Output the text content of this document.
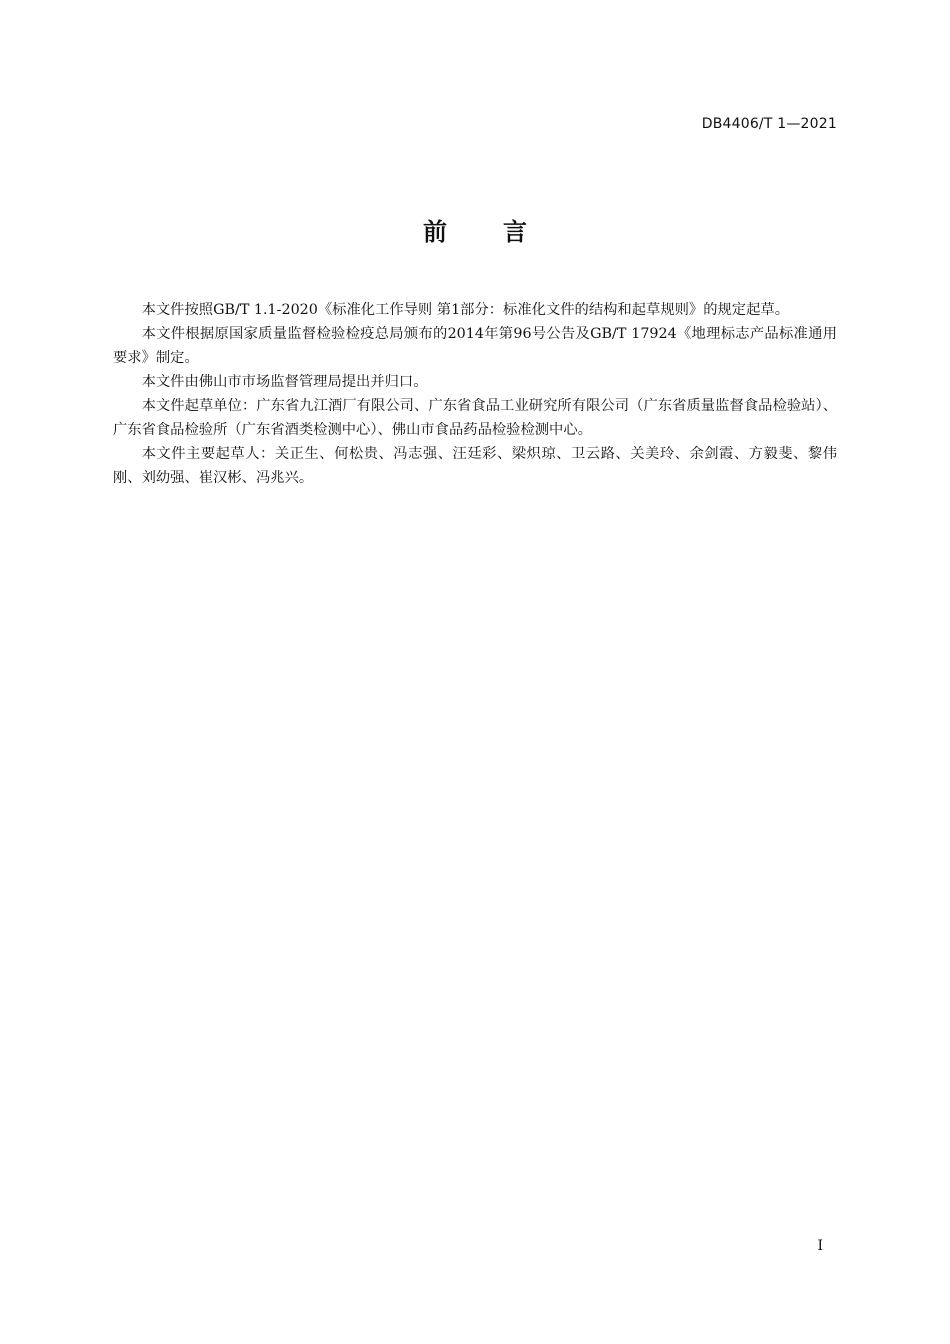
DB4406/T 1—2021
前 言

本文件按照GB/T 1.1-2020《标准化工作导则 第1部分：标准化文件的结构和起草规则》的规定起草。

本文件根据原国家质量监督检验检疫总局颁布的2014年第96号公告及GB/T 17924《地理标志产品标准通用要求》制定。

本文件由佛山市市场监督管理局提出并归口。

本文件起草单位：广东省九江酒厂有限公司、广东省食品工业研究所有限公司（广东省质量监督食品检验站）、广东省食品检验所（广东省酒类检测中心）、佛山市食品药品检验检测中心。

本文件主要起草人：关正生、何松贵、冯志强、汪廷彩、梁炽琼、卫云路、关美玲、余剑霞、方毅斐、黎伟刚、刘幼强、崔汉彬、冯兆兴。

I
